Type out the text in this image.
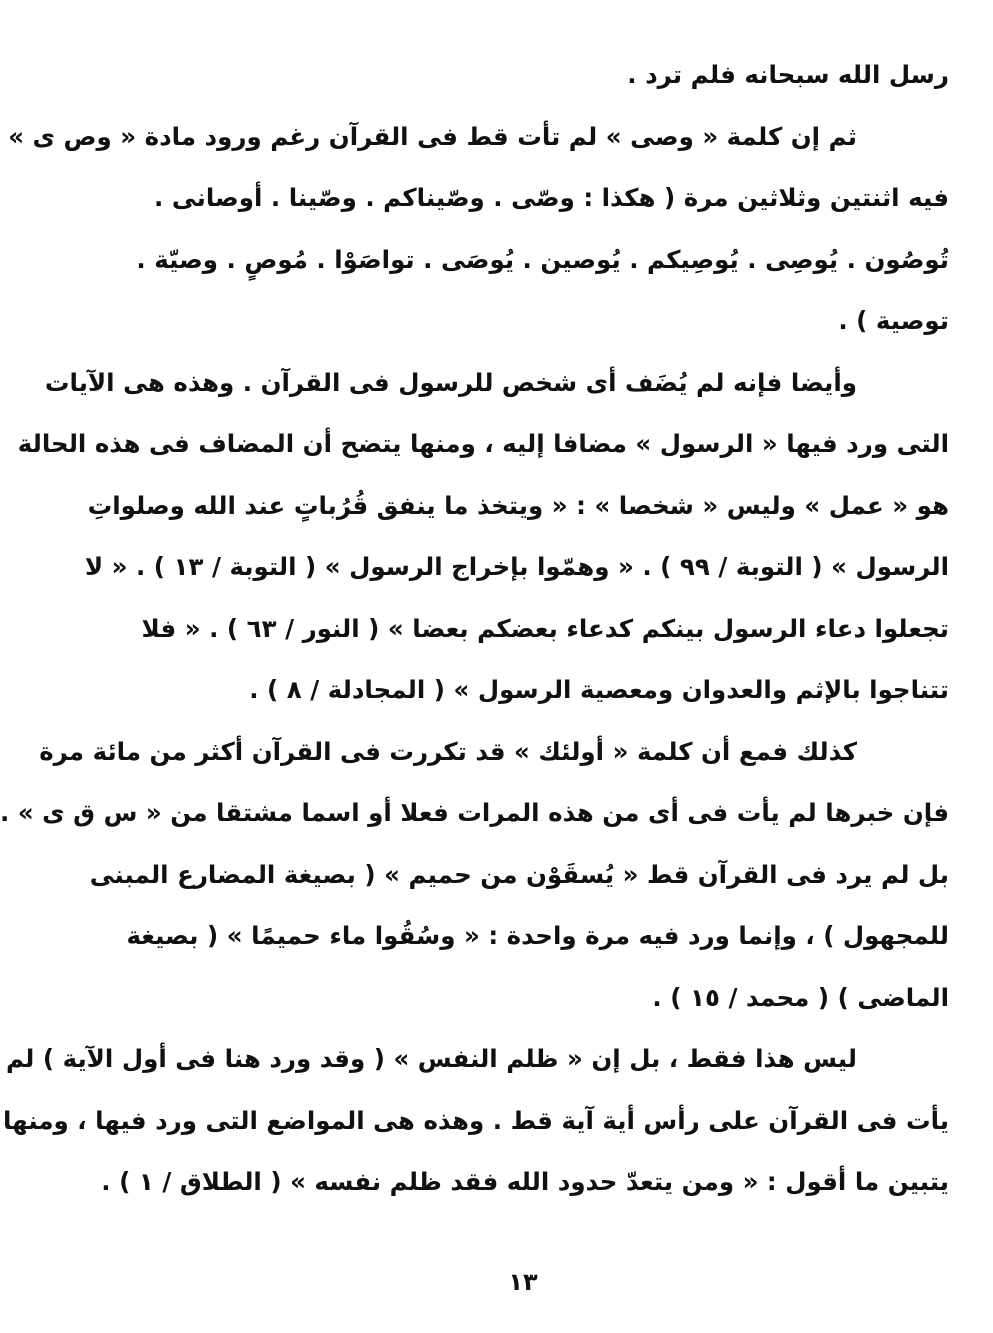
رسل الله سبحانه فلم ترد .
ثم إن كلمة « وصى » لم تأت قط فى القرآن رغم ورود مادة « وص ى »
فيه اثنتين وثلاثين مرة ( هكذا : وصّى . وصّيناكم . وصّينا . أوصانى .
تُوصُون . يُوصِى . يُوصِيكم . يُوصين . يُوصَى . تواصَوْا . مُوصٍ . وصيّة .
توصية ) .
وأيضا فإنه لم يُضَف أى شخص للرسول فى القرآن . وهذه هى الآيات
التى ورد فيها « الرسول » مضافا إليه ، ومنها يتضح أن المضاف فى هذه الحالة
هو « عمل » وليس « شخصا » : « ويتخذ ما ينفق قُرُباتٍ عند الله وصلواتِ
الرسول » ( التوبة / ٩٩ ) . « وهمّوا بإخراج الرسول » ( التوبة / ١٣ ) . « لا
تجعلوا دعاء الرسول بينكم كدعاء بعضكم بعضا » ( النور / ٦٣ ) . « فلا
تتناجوا بالإثم والعدوان ومعصية الرسول » ( المجادلة / ٨ ) .
كذلك فمع أن كلمة « أولئك » قد تكررت فى القرآن أكثر من مائة مرة
فإن خبرها لم يأت فى أى من هذه المرات فعلا أو اسما مشتقا من « س ق ى » .
بل لم يرد فى القرآن قط « يُسقَوْن من حميم » ( بصيغة المضارع المبنى
للمجهول ) ، وإنما ورد فيه مرة واحدة : « وسُقُوا ماء حميمًا » ( بصيغة
الماضى ) ( محمد / ١٥ ) .
ليس هذا فقط ، بل إن « ظلم النفس » ( وقد ورد هنا فى أول الآية ) لم
يأت فى القرآن على رأس أية آية قط . وهذه هى المواضع التى ورد فيها ، ومنها
يتبين ما أقول : « ومن يتعدّ حدود الله فقد ظلم نفسه » ( الطلاق / ١ ) .
١٣
